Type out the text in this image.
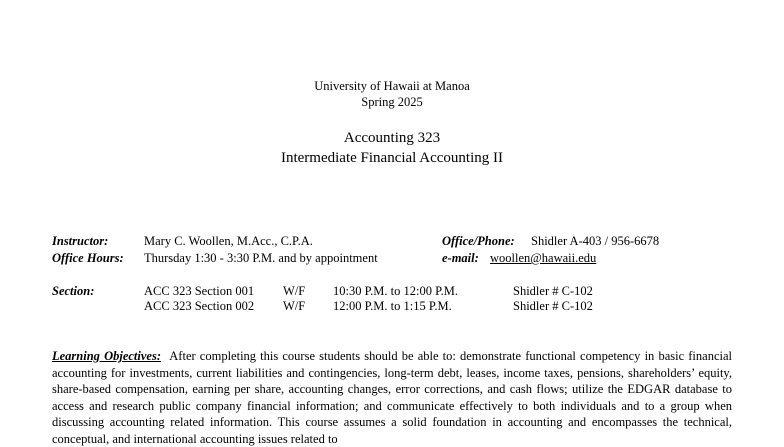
University of Hawaii at Manoa
Spring 2025
Accounting 323
Intermediate Financial Accounting II
Instructor:	Mary C. Woollen, M.Acc., C.P.A.	Office/Phone: Shidler A-403 / 956-6678
Office Hours: Thursday 1:30 - 3:30 P.M. and by appointment	e-mail: woollen@hawaii.edu
Section:	ACC 323 Section 001 W/F 10:30 P.M. to 12:00 P.M.	Shidler # C-102
ACC 323 Section 002 W/F 12:00 P.M. to 1:15 P.M.	Shidler # C-102
Learning Objectives: After completing this course students should be able to: demonstrate functional competency in basic financial accounting for investments, current liabilities and contingencies, long-term debt, leases, income taxes, pensions, shareholders’ equity, share-based compensation, earning per share, accounting changes, error corrections, and cash flows; utilize the EDGAR database to access and research public company financial information; and communicate effectively to both individuals and to a group when discussing accounting related information. This course assumes a solid foundation in accounting and encompasses the technical, conceptual, and international accounting issues related to
